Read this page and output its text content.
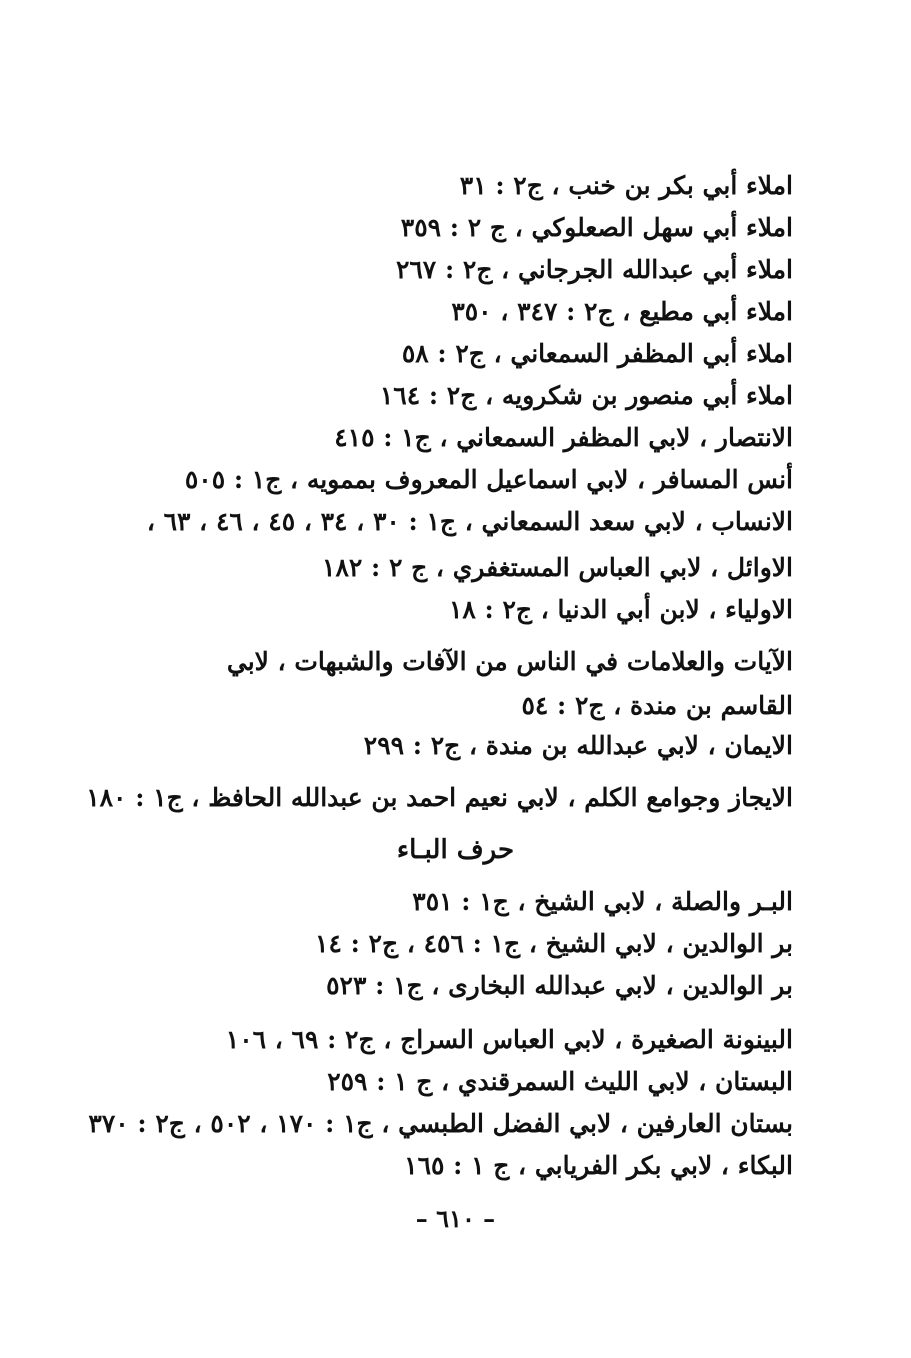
املاء أبي بكر بن خنب ، ج٢ : ٣١
املاء أبي سهل الصعلوكي ، ج ٢ : ٣٥٩
املاء أبي عبدالله الجرجاني ، ج٢ : ٢٦٧
املاء أبي مطيع ، ج٢ : ٣٤٧ ، ٣٥٠
املاء أبي المظفر السمعاني ، ج٢ : ٥٨
املاء أبي منصور بن شكرويه ، ج٢ : ١٦٤
الانتصار ، لابي المظفر السمعاني ، ج١ : ٤١٥
أنس المسافر ، لابي اسماعيل المعروف بممويه ، ج١ : ٥٠٥
الانساب ، لابي سعد السمعاني ، ج١ : ٣٠ ، ٣٤ ، ٤٥ ، ٤٦ ، ٦٣ ،
الاوائل ، لابي العباس المستغفري ، ج ٢ : ١٨٢
الاولياء ، لابن أبي الدنيا ، ج٢ : ١٨
الآيات والعلامات في الناس من الآفات والشبهات ، لابي القاسم بن مندة ، ج٢ : ٥٤
الايمان ، لابي عبدالله بن مندة ، ج٢ : ٢٩٩
الايجاز وجوامع الكلم ، لابي نعيم احمد بن عبدالله الحافظ ، ج١ : ١٨٠
حرف البـاء
البـر والصلة ، لابي الشيخ ، ج١ : ٣٥١
بر الوالدين ، لابي الشيخ ، ج١ : ٤٥٦ ، ج٢ : ١٤
بر الوالدين ، لابي عبدالله البخارى ، ج١ : ٥٢٣
البينونة الصغيرة ، لابي العباس السراج ، ج٢ : ٦٩ ، ١٠٦
البستان ، لابي الليث السمرقندي ، ج ١ : ٢٥٩
بستان العارفين ، لابي الفضل الطبسي ، ج١ : ١٧٠ ، ٥٠٢ ، ج٢ : ٣٧٠
البكاء ، لابي بكر الفريابي ، ج ١ : ١٦٥
– ٦١٠ –
